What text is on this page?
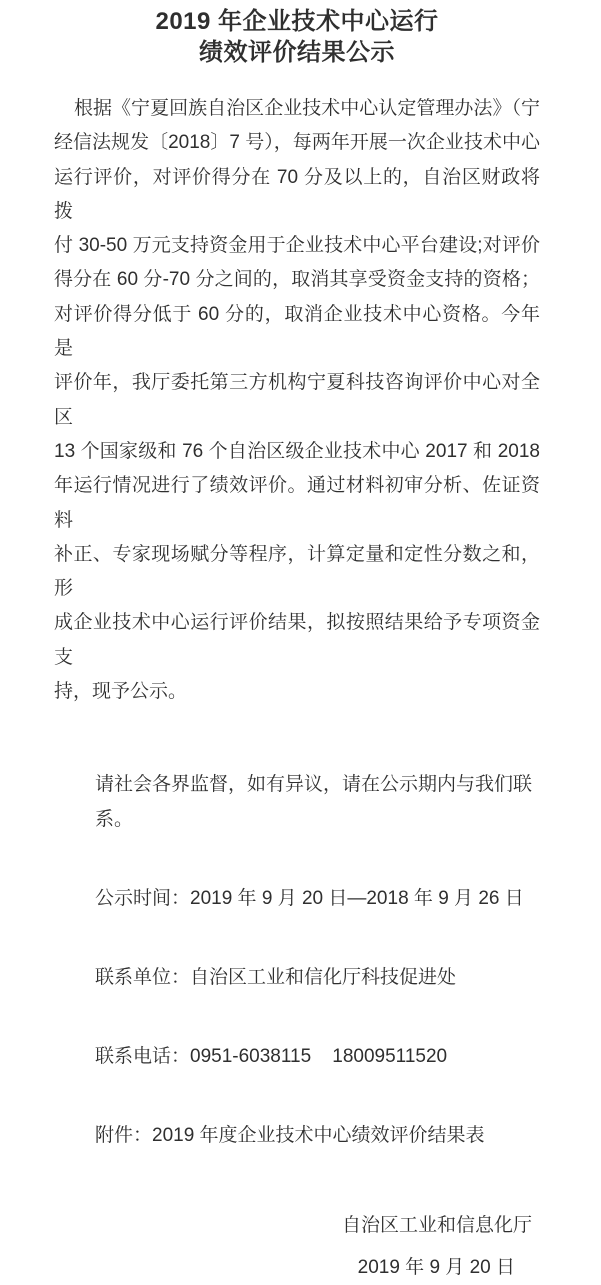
2019 年企业技术中心运行
绩效评价结果公示
根据《宁夏回族自治区企业技术中心认定管理办法》（宁
经信法规发〔2018〕7 号），每两年开展一次企业技术中心
运行评价，对评价得分在 70 分及以上的，自治区财政将拨
付 30-50 万元支持资金用于企业技术中心平台建设;对评价
得分在 60 分-70 分之间的，取消其享受资金支持的资格；
对评价得分低于 60 分的，取消企业技术中心资格。今年是
评价年，我厅委托第三方机构宁夏科技咨询评价中心对全区
13 个国家级和 76 个自治区级企业技术中心 2017 和 2018
年运行情况进行了绩效评价。通过材料初审分析、佐证资料
补正、专家现场赋分等程序，计算定量和定性分数之和，形
成企业技术中心运行评价结果，拟按照结果给予专项资金支
持，现予公示。

请社会各界监督，如有异议，请在公示期内与我们联系。

公示时间：2019 年 9 月 20 日—2018 年 9 月 26 日

联系单位：自治区工业和信化厅科技促进处

联系电话：0951-6038115    18009511520

附件：2019 年度企业技术中心绩效评价结果表

自治区工业和信息化厅
2019 年 9 月 20 日
